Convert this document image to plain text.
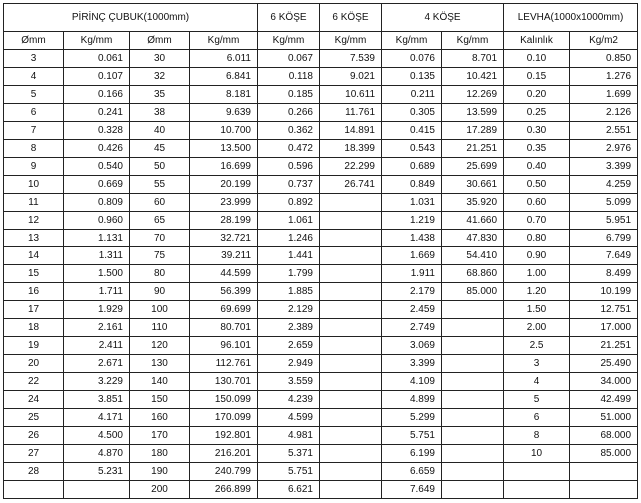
PİRİNÇ ÇUBUK(1000mm)				6 KÖŞE	6 KÖŞE	4 KÖŞE		LEVHA(1000x1000mm)	
Ømm	Kg/mm	Ømm	Kg/mm	Kg/mm	Kg/mm	Kg/mm	Kg/mm	Kalınlık	Kg/m2
3	0.061	30	6.011	0.067	7.539	0.076	8.701	0.10	0.850
4	0.107	32	6.841	0.118	9.021	0.135	10.421	0.15	1.276
5	0.166	35	8.181	0.185	10.611	0.211	12.269	0.20	1.699
6	0.241	38	9.639	0.266	11.761	0.305	13.599	0.25	2.126
7	0.328	40	10.700	0.362	14.891	0.415	17.289	0.30	2.551
8	0.426	45	13.500	0.472	18.399	0.543	21.251	0.35	2.976
9	0.540	50	16.699	0.596	22.299	0.689	25.699	0.40	3.399
10	0.669	55	20.199	0.737	26.741	0.849	30.661	0.50	4.259
11	0.809	60	23.999	0.892		1.031	35.920	0.60	5.099
12	0.960	65	28.199	1.061		1.219	41.660	0.70	5.951
13	1.131	70	32.721	1.246		1.438	47.830	0.80	6.799
14	1.311	75	39.211	1.441		1.669	54.410	0.90	7.649
15	1.500	80	44.599	1.799		1.911	68.860	1.00	8.499
16	1.711	90	56.399	1.885		2.179	85.000	1.20	10.199
17	1.929	100	69.699	2.129		2.459		1.50	12.751
18	2.161	110	80.701	2.389		2.749		2.00	17.000
19	2.411	120	96.101	2.659		3.069		2.5	21.251
20	2.671	130	112.761	2.949		3.399		3	25.490
22	3.229	140	130.701	3.559		4.109		4	34.000
24	3.851	150	150.099	4.239		4.899		5	42.499
25	4.171	160	170.099	4.599		5.299		6	51.000
26	4.500	170	192.801	4.981		5.751		8	68.000
27	4.870	180	216.201	5.371		6.199		10	85.000
28	5.231	190	240.799	5.751		6.659			
		200	266.899	6.621		7.649			
